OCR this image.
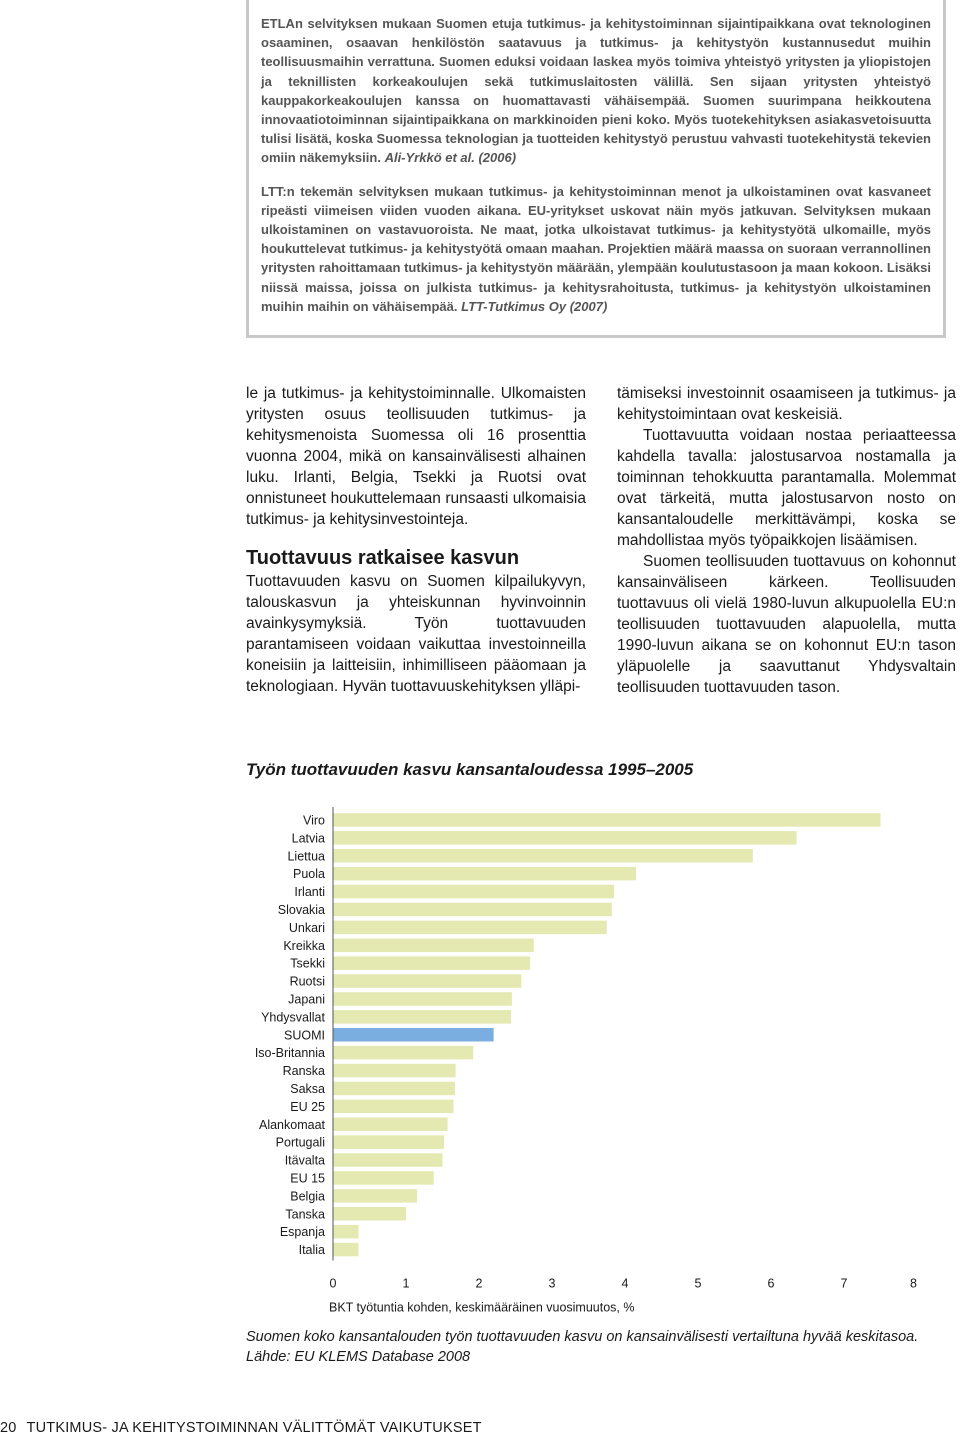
ETLAn selvityksen mukaan Suomen etuja tutkimus- ja kehitystoiminnan sijaintipaikkana ovat teknologinen osaaminen, osaavan henkilöstön saatavuus ja tutkimus- ja kehitystyön kustannusedut muihin teollisuusmaihin verrattuna. Suomen eduksi voidaan laskea myös toimiva yhteistyö yritysten ja yliopistojen ja teknillisten korkeakoulujen sekä tutkimuslaitosten välillä. Sen sijaan yritysten yhteistyö kauppakorkeakoulujen kanssa on huomattavasti vähäisempää. Suomen suurimpana heikkoutena innovaatiotoiminnan sijaintipaikkana on markkinoiden pieni koko. Myös tuotekehityksen asiakasvetoisuutta tulisi lisätä, koska Suomessa teknologian ja tuotteiden kehitystyö perustuu vahvasti tuotekehitystä tekevien omiin näkemyksiin. Ali-Yrkkö et al. (2006)

LTT:n tekemän selvityksen mukaan tutkimus- ja kehitystoiminnan menot ja ulkoistaminen ovat kasvaneet ripeästi viimeisen viiden vuoden aikana. EU-yritykset uskovat näin myös jatkuvan. Selvityksen mukaan ulkoistaminen on vastavuoroista. Ne maat, jotka ulkoistavat tutkimus- ja kehitystyötä ulkomaille, myös houkuttelevat tutkimus- ja kehitystyötä omaan maahan. Projektien määrä maassa on suoraan verrannollinen yritysten rahoittamaan tutkimus- ja kehitystyön määrään, ylempään koulutustasoon ja maan kokoon. Lisäksi niissä maissa, joissa on julkista tutkimus- ja kehitysrahoitusta, tutkimus- ja kehitystyön ulkoistaminen muihin maihin on vähäisempää. LTT-Tutkimus Oy (2007)

le ja tutkimus- ja kehitystoiminnalle. Ulkomaisten yritysten osuus teollisuuden tutkimus- ja kehitysmenoista Suomessa oli 16 prosenttia vuonna 2004, mikä on kansainvälisesti alhainen luku. Irlanti, Belgia, Tsekki ja Ruotsi ovat onnistuneet houkuttelemaan runsaasti ulkomaisia tutkimus- ja kehitysinvestointeja.

Tuottavuus ratkaisee kasvun

Tuottavuuden kasvu on Suomen kilpailukyvyn, talouskasvun ja yhteiskunnan hyvinvoinnin avainkysymyksiä. Työn tuottavuuden parantamiseen voidaan vaikuttaa investoinneilla koneisiin ja laitteisiin, inhimilliseen pääomaan ja teknologiaan. Hyvän tuottavuuskehityksen ylläpi-

tämiseksi investoinnit osaamiseen ja tutkimus- ja kehitystoimintaan ovat keskeisiä.

Tuottavuutta voidaan nostaa periaatteessa kahdella tavalla: jalostusarvoa nostamalla ja toiminnan tehokkuutta parantamalla. Molemmat ovat tärkeitä, mutta jalostusarvon nosto on kansantaloudelle merkittävämpi, koska se mahdollistaa myös työpaikkojen lisäämisen.

Suomen teollisuuden tuottavuus on kohonnut kansainväliseen kärkeen. Teollisuuden tuottavuus oli vielä 1980-luvun alkupuolella EU:n teollisuuden tuottavuuden alapuolella, mutta 1990-luvun aikana se on kohonnut EU:n tason yläpuolelle ja saavuttanut Yhdysvaltain teollisuuden tuottavuuden tason.

Työn tuottavuuden kasvu kansantaloudessa 1995–2005
Viro
Latvia
Liettua
Puola
Irlanti
Slovakia
Unkari
Kreikka
Tsekki
Ruotsi
Japani
Yhdysvallat
SUOMI
Iso-Britannia
Ranska
Saksa
EU 25
Alankomaat
Portugali
Itävalta
EU 15
Belgia
Tanska
Espanja
Italia
0	1	2	3	4	5	6	7	8
BKT työtuntia kohden, keskimääräinen vuosimuutos, %
Suomen koko kansantalouden työn tuottavuuden kasvu on kansainvälisesti vertailtuna hyvää keskitasoa. Lähde: EU KLEMS Database 2008
20 TUTKIMUS- JA KEHITYSTOIMINNAN VÄLITTÖMÄT VAIKUTUKSET
